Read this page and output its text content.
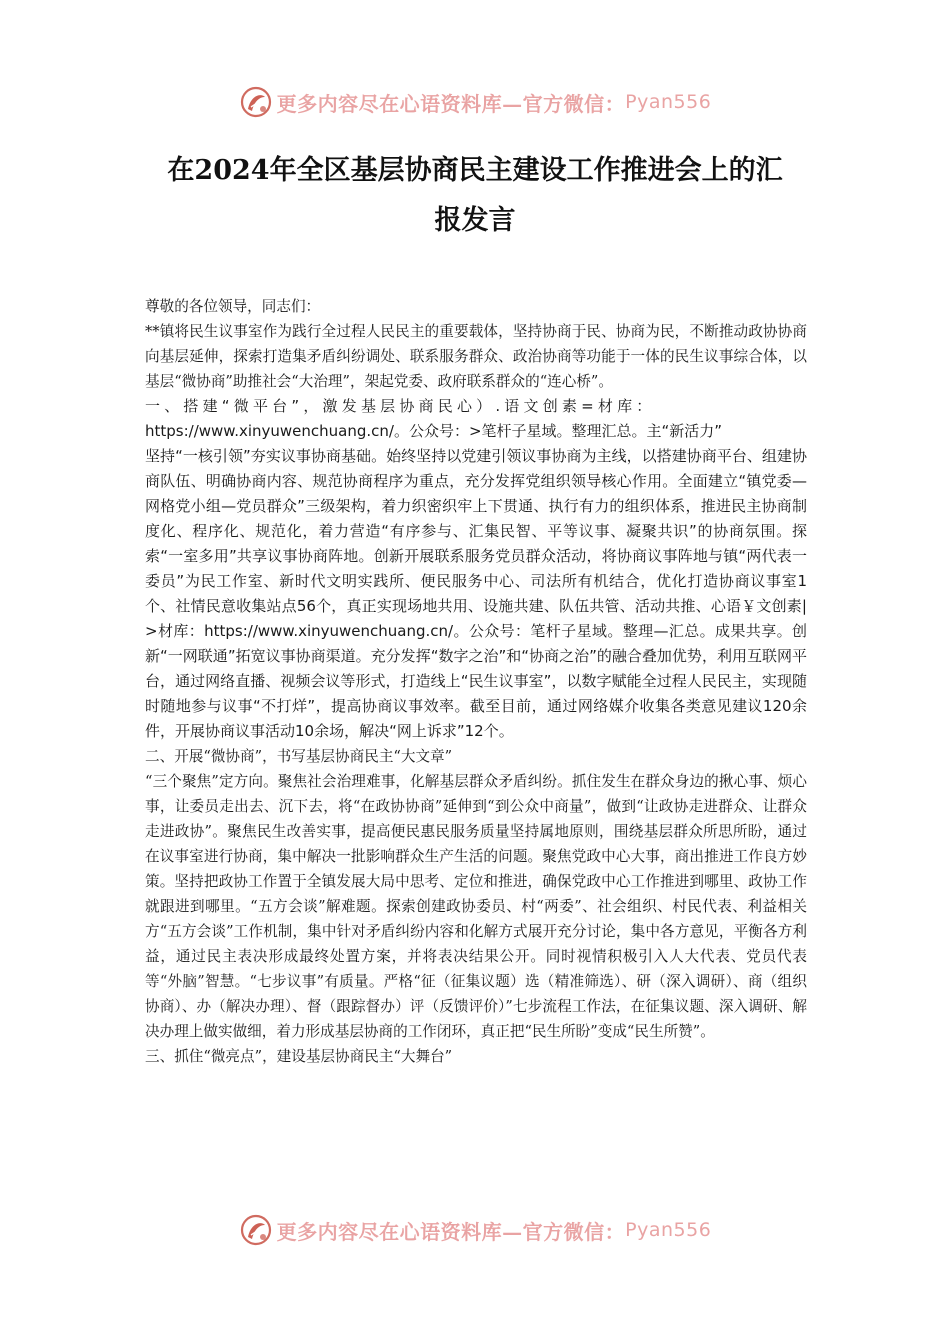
更多内容尽在心语资料库—官方微信： Pyan556
在2024年全区基层协商民主建设工作推进会上的汇
报发言

尊敬的各位领导，同志们：

**镇将民生议事室作为践行全过程人民民主的重要载体，坚持协商于民、协商为民，不断推动政协协商向基层延伸，探索打造集矛盾纠纷调处、联系服务群众、政治协商等功能于一体的民生议事综合体，以基层“微协商”助推社会“大治理”，架起党委、政府联系群众的“连心桥”。

一、搭建“微平台”，激发基层协商民心）.语文创素=材库：

https://www.xinyuwenchuang.cn/。公众号：>笔杆子星域。整理汇总。主“新活力”

坚持“一核引领”夯实议事协商基础。始终坚持以党建引领议事协商为主线，以搭建协商平台、组建协商队伍、明确协商内容、规范协商程序为重点，充分发挥党组织领导核心作用。全面建立“镇党委—网格党小组—党员群众”三级架构，着力织密织牢上下贯通、执行有力的组织体系，推进民主协商制度化、程序化、规范化，着力营造“有序参与、汇集民智、平等议事、凝聚共识”的协商氛围。探索“一室多用”共享议事协商阵地。创新开展联系服务党员群众活动，将协商议事阵地与镇“两代表一委员”为民工作室、新时代文明实践所、便民服务中心、司法所有机结合，优化打造协商议事室1个、社情民意收集站点56个，真正实现场地共用、设施共建、队伍共管、活动共推、心语￥文创素|>材库：https://www.xinyuwenchuang.cn/。公众号：笔杆子星域。整理—汇总。成果共享。创新“一网联通”拓宽议事协商渠道。充分发挥“数字之治”和“协商之治”的融合叠加优势，利用互联网平台，通过网络直播、视频会议等形式，打造线上“民生议事室”，以数字赋能全过程人民民主，实现随时随地参与议事“不打烊”，提高协商议事效率。截至目前，通过网络媒介收集各类意见建议120余件，开展协商议事活动10余场，解决“网上诉求”12个。

二、开展“微协商”，书写基层协商民主“大文章”

“三个聚焦”定方向。聚焦社会治理难事，化解基层群众矛盾纠纷。抓住发生在群众身边的揪心事、烦心事，让委员走出去、沉下去，将“在政协协商”延伸到“到公众中商量”，做到“让政协走进群众、让群众走进政协”。聚焦民生改善实事，提高便民惠民服务质量坚持属地原则，围绕基层群众所思所盼，通过在议事室进行协商，集中解决一批影响群众生产生活的问题。聚焦党政中心大事，商出推进工作良方妙策。坚持把政协工作置于全镇发展大局中思考、定位和推进，确保党政中心工作推进到哪里、政协工作就跟进到哪里。“五方会谈”解难题。探索创建政协委员、村“两委”、社会组织、村民代表、利益相关方“五方会谈”工作机制，集中针对矛盾纠纷内容和化解方式展开充分讨论，集中各方意见，平衡各方利益，通过民主表决形成最终处置方案，并将表决结果公开。同时视情积极引入人大代表、党员代表等“外脑”智慧。“七步议事”有质量。严格“征（征集议题）选（精准筛选）、研（深入调研）、商（组织协商）、办（解决办理）、督（跟踪督办）评（反馈评价）”七步流程工作法，在征集议题、深入调研、解决办理上做实做细，着力形成基层协商的工作闭环，真正把“民生所盼”变成“民生所赞”。

三、抓住“微亮点”，建设基层协商民主“大舞台”

更多内容尽在心语资料库—官方微信： Pyan556
